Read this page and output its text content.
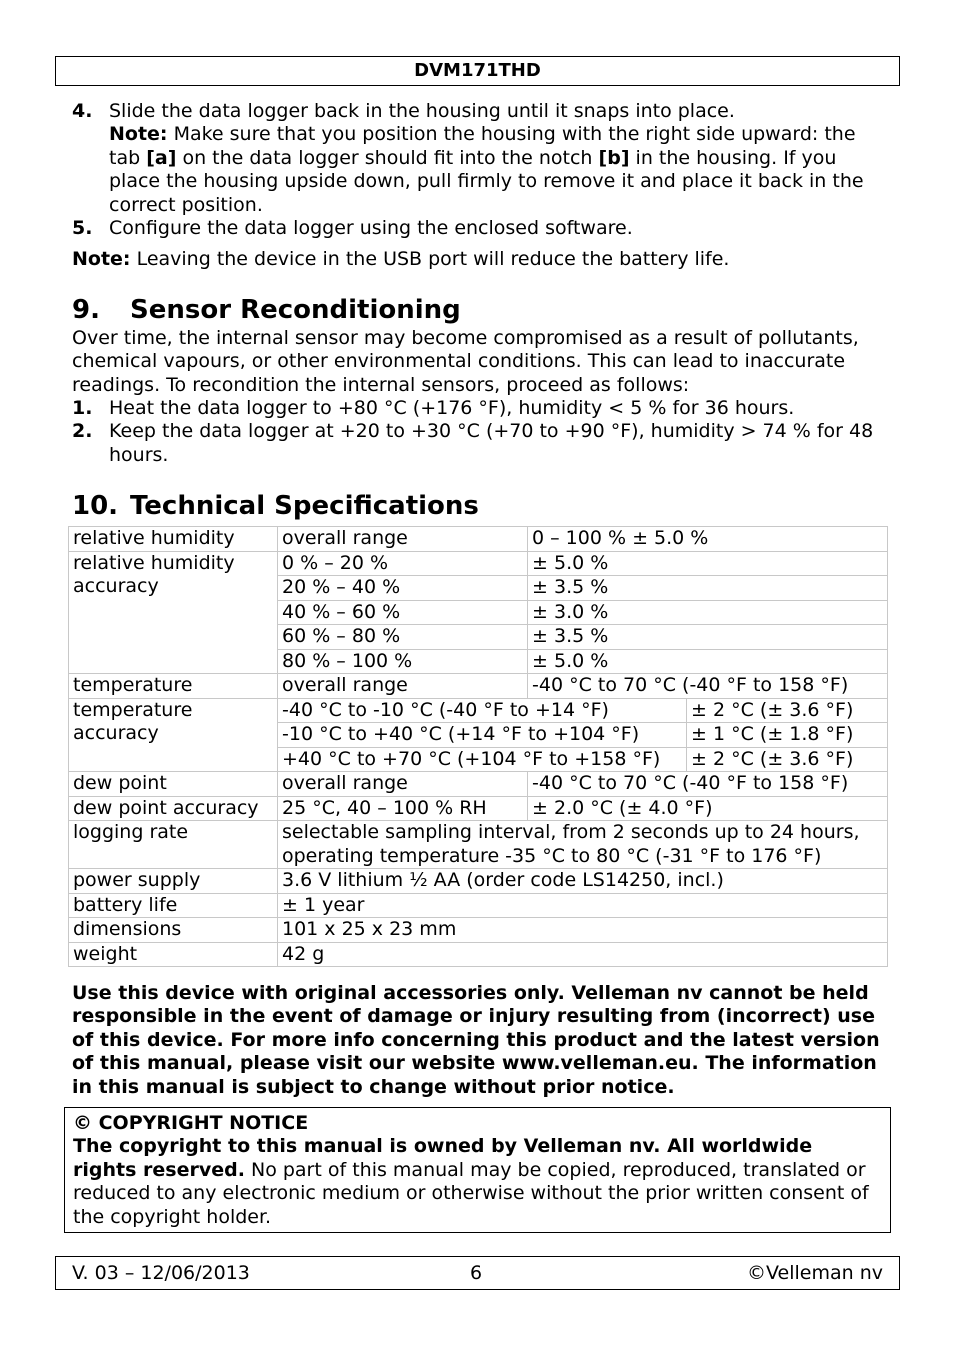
DVM171THD
4. Slide the data logger back in the housing until it snaps into place.
Note: Make sure that you position the housing with the right side upward: the tab [a] on the data logger should fit into the notch [b] in the housing. If you place the housing upside down, pull firmly to remove it and place it back in the correct position.
5. Configure the data logger using the enclosed software.

Note: Leaving the device in the USB port will reduce the battery life.

9. Sensor Reconditioning

Over time, the internal sensor may become compromised as a result of pollutants, chemical vapours, or other environmental conditions. This can lead to inaccurate readings. To recondition the internal sensors, proceed as follows:

1. Heat the data logger to +80 °C (+176 °F), humidity < 5 % for 36 hours.
2. Keep the data logger at +20 to +30 °C (+70 to +90 °F), humidity > 74 % for 48 hours.
10. Technical Specifications
relative humidity	overall range	0 – 100 % ± 5.0 %	
relative humidity accuracy	0 % – 20 %	± 5.0 %	
	20 % – 40 %	± 3.5 %	
	40 % – 60 %	± 3.0 %	
	60 % – 80 %	± 3.5 %	
	80 % – 100 %	± 5.0 %	
temperature	overall range	-40 °C to 70 °C (-40 °F to 158 °F)	
temperature accuracy	-40 °C to -10 °C (-40 °F to +14 °F)		± 2 °C (± 3.6 °F)
	-10 °C to +40 °C (+14 °F to +104 °F)		± 1 °C (± 1.8 °F)
	+40 °C to +70 °C (+104 °F to +158 °F)		± 2 °C (± 3.6 °F)
dew point	overall range	-40 °C to 70 °C (-40 °F to 158 °F)	
dew point accuracy	25 °C, 40 – 100 % RH	± 2.0 °C (± 4.0 °F)	
logging rate	selectable sampling interval, from 2 seconds up to 24 hours,
operating temperature -35 °C to 80 °C (-31 °F to 176 °F)		
power supply	3.6 V lithium ½ AA (order code LS14250, incl.)		
battery life	± 1 year		
dimensions	101 x 25 x 23 mm		
weight	42 g		
Use this device with original accessories only. Velleman nv cannot be held responsible in the event of damage or injury resulting from (incorrect) use of this device. For more info concerning this product and the latest version of this manual, please visit our website www.velleman.eu. The information in this manual is subject to change without prior notice.
© COPYRIGHT NOTICE
The copyright to this manual is owned by Velleman nv. All worldwide rights reserved. No part of this manual may be copied, reproduced, translated or reduced to any electronic medium or otherwise without the prior written consent of the copyright holder.
V. 03 – 12/06/2013	6	©Velleman nv
